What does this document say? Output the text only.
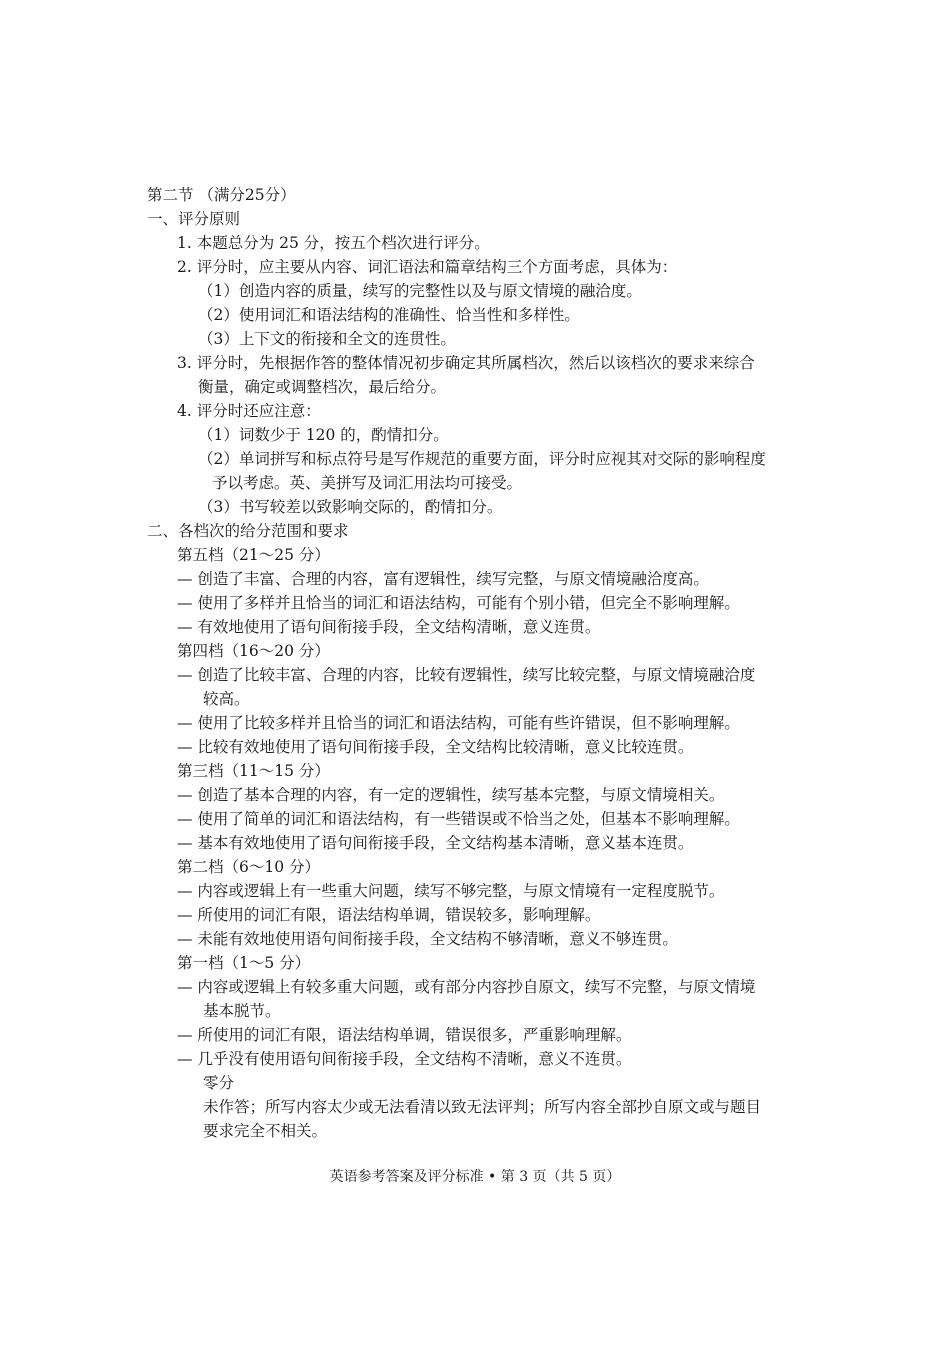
第二节 （满分25分）
一、评分原则
1. 本题总分为 25 分，按五个档次进行评分。
2. 评分时，应主要从内容、词汇语法和篇章结构三个方面考虑，具体为：
（1）创造内容的质量，续写的完整性以及与原文情境的融洽度。
（2）使用词汇和语法结构的准确性、恰当性和多样性。
（3）上下文的衔接和全文的连贯性。
3. 评分时，先根据作答的整体情况初步确定其所属档次，然后以该档次的要求来综合
衡量，确定或调整档次，最后给分。
4. 评分时还应注意：
（1）词数少于 120 的，酌情扣分。
（2）单词拼写和标点符号是写作规范的重要方面，评分时应视其对交际的影响程度
予以考虑。英、美拼写及词汇用法均可接受。
（3）书写较差以致影响交际的，酌情扣分。
二、各档次的给分范围和要求
第五档（21～25 分）
— 创造了丰富、合理的内容，富有逻辑性，续写完整，与原文情境融洽度高。
— 使用了多样并且恰当的词汇和语法结构，可能有个别小错，但完全不影响理解。
— 有效地使用了语句间衔接手段，全文结构清晰，意义连贯。
第四档（16～20 分）
— 创造了比较丰富、合理的内容，比较有逻辑性，续写比较完整，与原文情境融洽度
较高。
— 使用了比较多样并且恰当的词汇和语法结构，可能有些许错误，但不影响理解。
— 比较有效地使用了语句间衔接手段，全文结构比较清晰，意义比较连贯。
第三档（11～15 分）
— 创造了基本合理的内容，有一定的逻辑性，续写基本完整，与原文情境相关。
— 使用了简单的词汇和语法结构，有一些错误或不恰当之处，但基本不影响理解。
— 基本有效地使用了语句间衔接手段，全文结构基本清晰，意义基本连贯。
第二档（6～10 分）
— 内容或逻辑上有一些重大问题，续写不够完整，与原文情境有一定程度脱节。
— 所使用的词汇有限，语法结构单调，错误较多，影响理解。
— 未能有效地使用语句间衔接手段，全文结构不够清晰，意义不够连贯。
第一档（1～5 分）
— 内容或逻辑上有较多重大问题，或有部分内容抄自原文，续写不完整，与原文情境
基本脱节。
— 所使用的词汇有限，语法结构单调，错误很多，严重影响理解。
— 几乎没有使用语句间衔接手段，全文结构不清晰，意义不连贯。
零分
未作答；所写内容太少或无法看清以致无法评判；所写内容全部抄自原文或与题目
要求完全不相关。
英语参考答案及评分标准 • 第 3 页（共 5 页）
